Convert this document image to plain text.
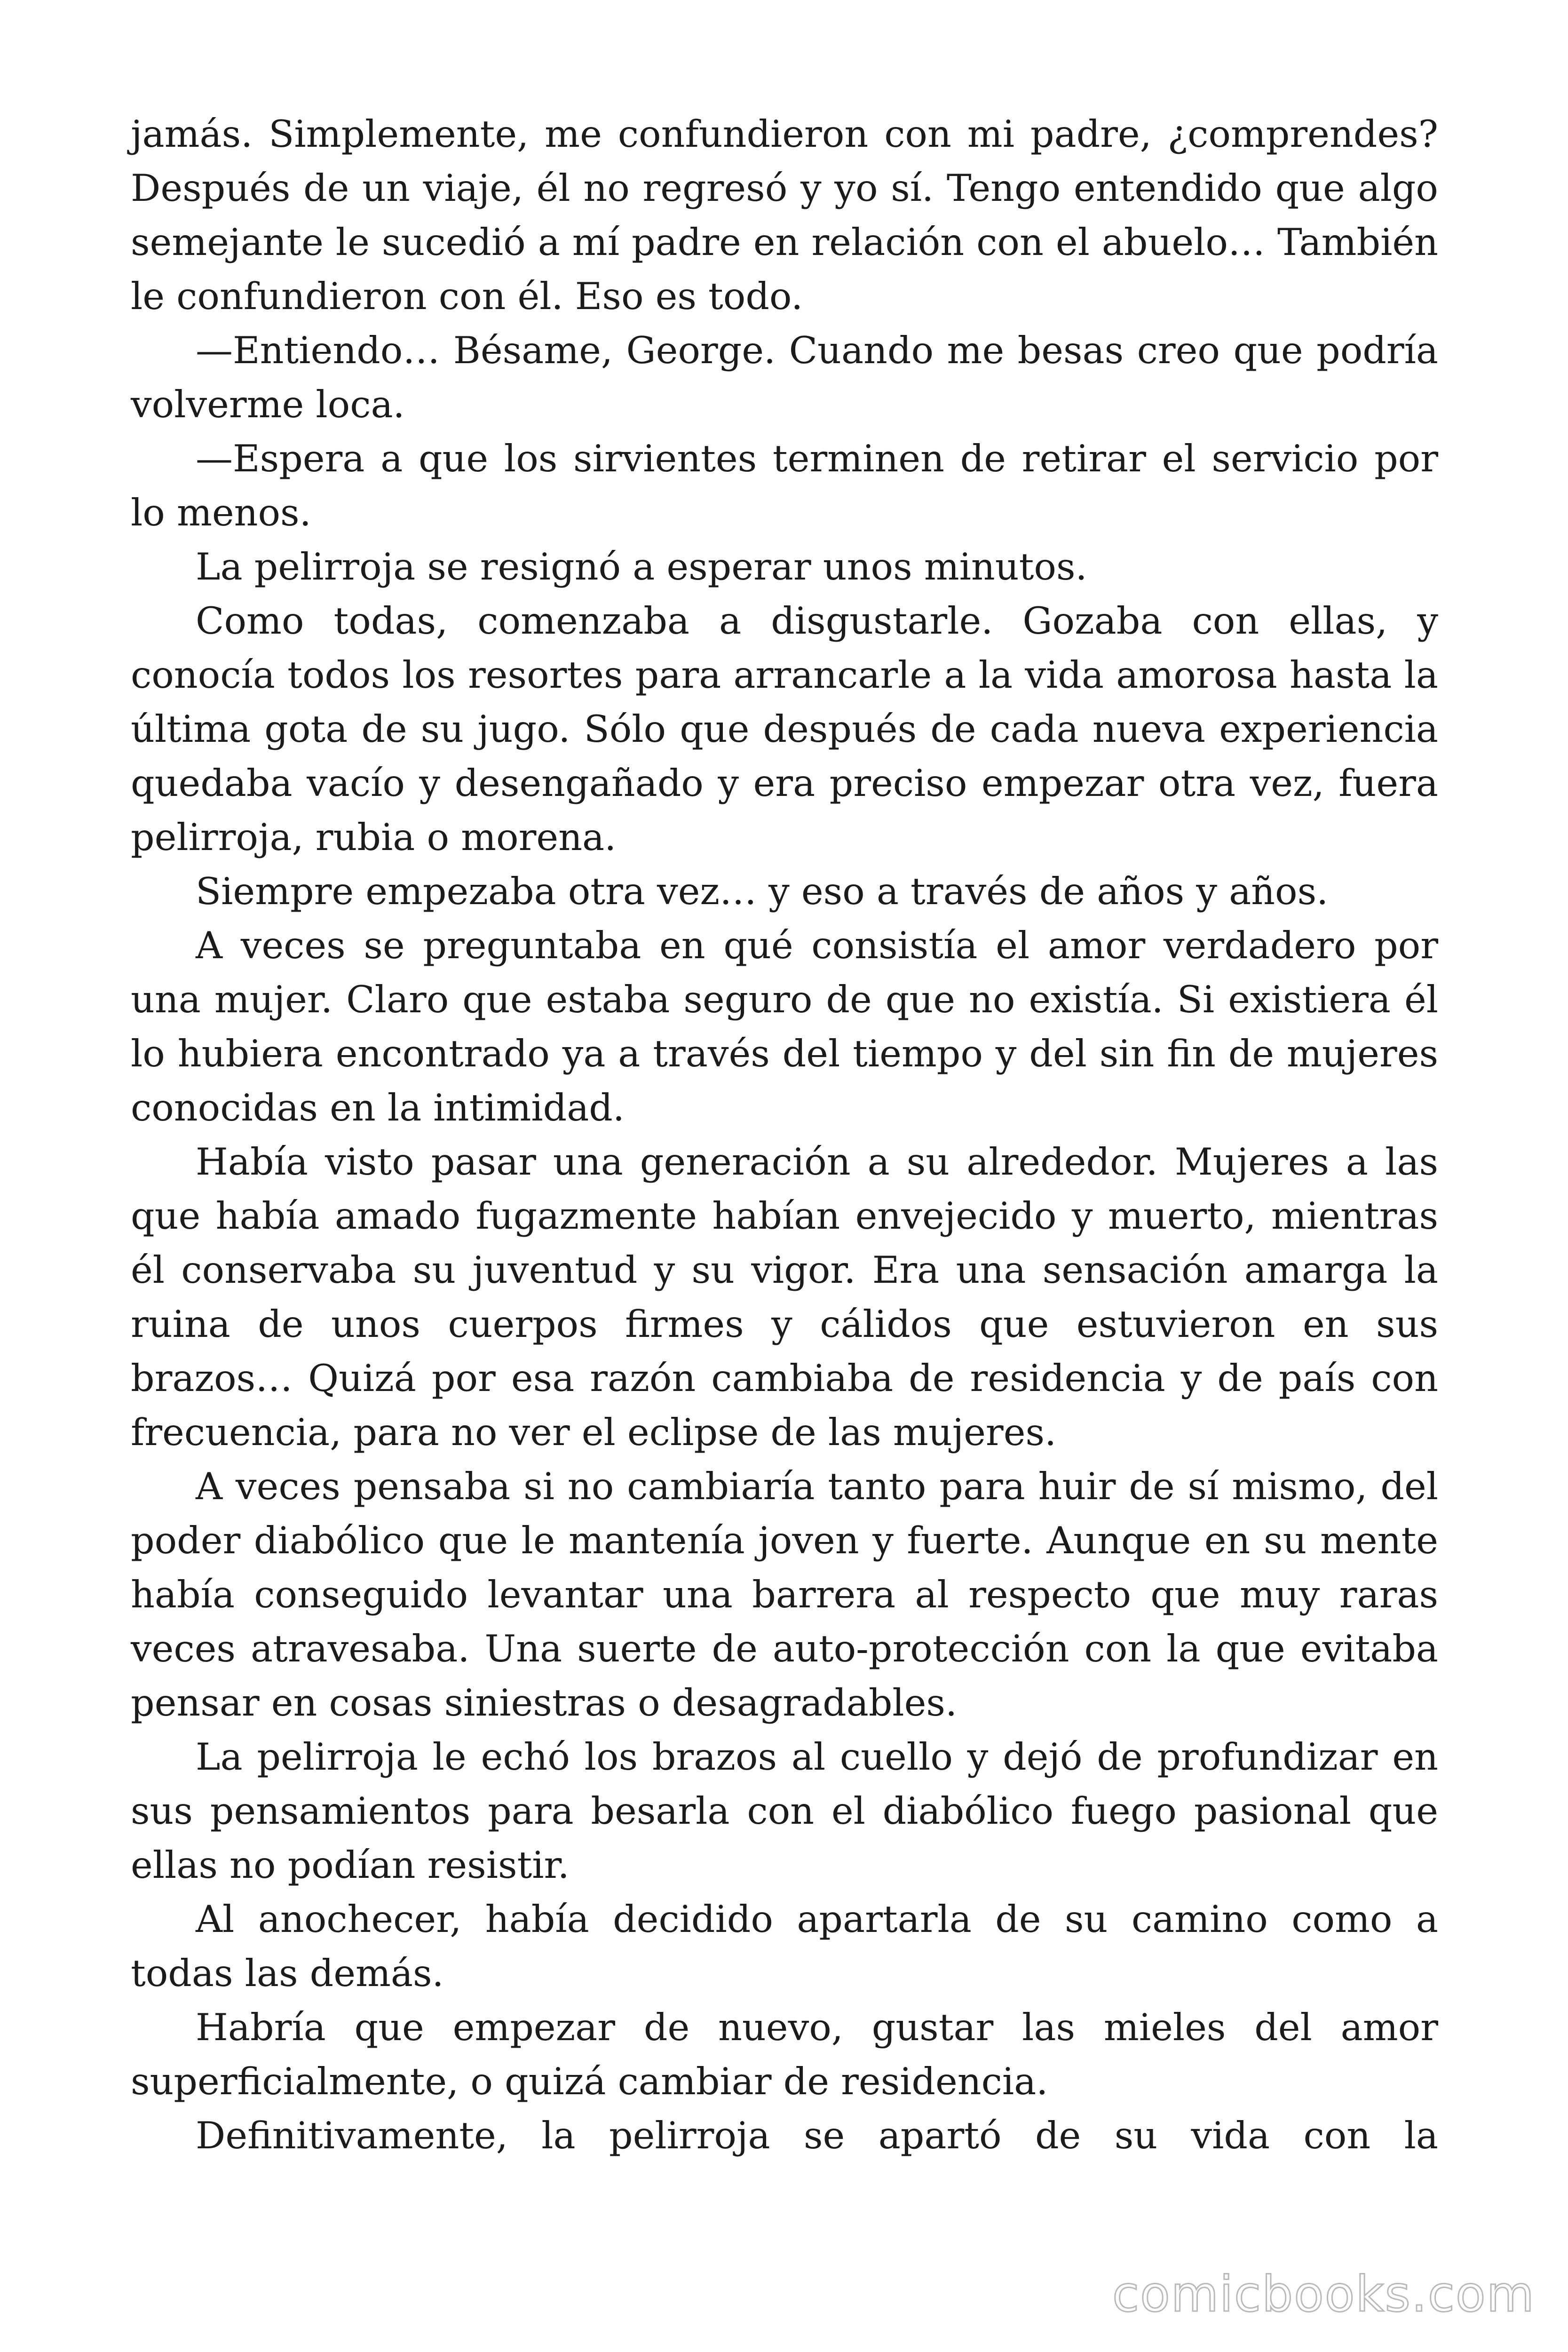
jamás. Simplemente, me confundieron con mi padre, ¿comprendes? Después de un viaje, él no regresó y yo sí. Tengo entendido que algo semejante le sucedió a mí padre en relación con el abuelo… También le confundieron con él. Eso es todo.

—Entiendo… Bésame, George. Cuando me besas creo que podría volverme loca.

—Espera a que los sirvientes terminen de retirar el servicio por lo menos.

La pelirroja se resignó a esperar unos minutos.

Como todas, comenzaba a disgustarle. Gozaba con ellas, y conocía todos los resortes para arrancarle a la vida amorosa hasta la última gota de su jugo. Sólo que después de cada nueva experiencia quedaba vacío y desengañado y era preciso empezar otra vez, fuera pelirroja, rubia o morena.

Siempre empezaba otra vez… y eso a través de años y años.

A veces se preguntaba en qué consistía el amor verdadero por una mujer. Claro que estaba seguro de que no existía. Si existiera él lo hubiera encontrado ya a través del tiempo y del sin fin de mujeres conocidas en la intimidad.

Había visto pasar una generación a su alrededor. Mujeres a las que había amado fugazmente habían envejecido y muerto, mientras él conservaba su juventud y su vigor. Era una sensación amarga la ruina de unos cuerpos firmes y cálidos que estuvieron en sus brazos… Quizá por esa razón cambiaba de residencia y de país con frecuencia, para no ver el eclipse de las mujeres.

A veces pensaba si no cambiaría tanto para huir de sí mismo, del poder diabólico que le mantenía joven y fuerte. Aunque en su mente había conseguido levantar una barrera al respecto que muy raras veces atravesaba. Una suerte de auto-protección con la que evitaba pensar en cosas siniestras o desagradables.

La pelirroja le echó los brazos al cuello y dejó de profundizar en sus pensamientos para besarla con el diabólico fuego pasional que ellas no podían resistir.

Al anochecer, había decidido apartarla de su camino como a todas las demás.

Habría que empezar de nuevo, gustar las mieles del amor superficialmente, o quizá cambiar de residencia.

Definitivamente, la pelirroja se apartó de su vida con la

comicbooks.com
